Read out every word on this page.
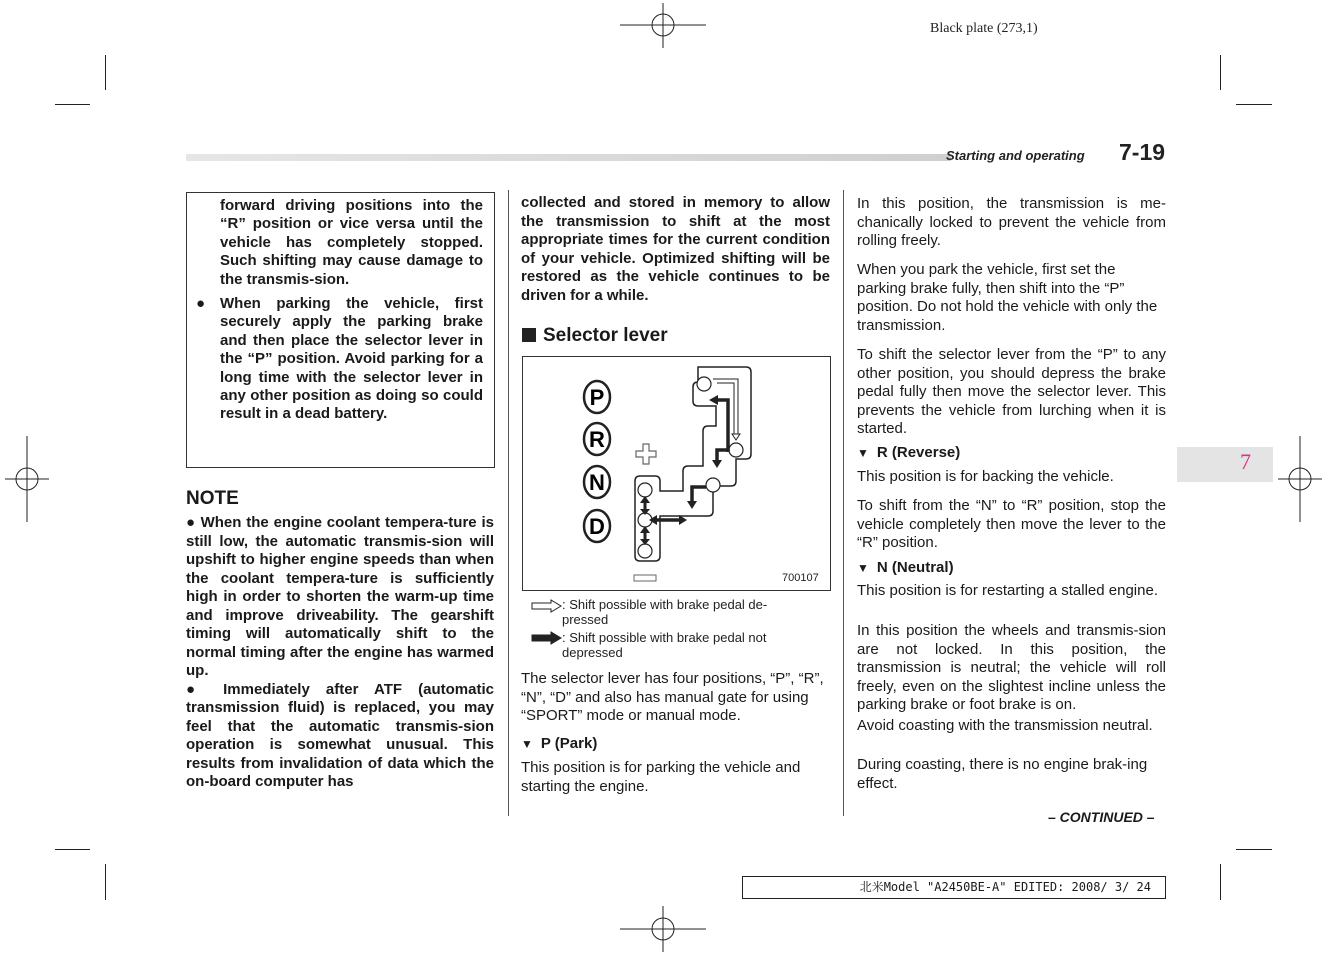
Black plate (273,1)
Starting and operating 7-19
7
forward driving positions into the “R” position or vice versa until the vehicle has completely stopped. Such shifting may cause damage to the transmis-sion.
● When parking the vehicle, first securely apply the parking brake and then place the selector lever in the “P” position. Avoid parking for a long time with the selector lever in any other position as doing so could result in a dead battery.
NOTE
● When the engine coolant tempera-ture is still low, the automatic transmis-sion will upshift to higher engine speeds than when the coolant tempera-ture is sufficiently high in order to shorten the warm-up time and improve driveability. The gearshift timing will automatically shift to the normal timing after the engine has warmed up.
● Immediately after ATF (automatic transmission fluid) is replaced, you may feel that the automatic transmis-sion operation is somewhat unusual. This results from invalidation of data which the on-board computer has
collected and stored in memory to allow the transmission to shift at the most appropriate times for the current condition of your vehicle. Optimized shifting will be restored as the vehicle continues to be driven for a while.
Selector lever
P
R
N
D
700107
: Shift possible with brake pedal de-pressed
: Shift possible with brake pedal not depressed
The selector lever has four positions, “P”, “R”, “N”, “D” and also has manual gate for using “SPORT” mode or manual mode.
▼ P (Park)
This position is for parking the vehicle and starting the engine.
In this position, the transmission is me-chanically locked to prevent the vehicle from rolling freely.
When you park the vehicle, first set the parking brake fully, then shift into the “P” position. Do not hold the vehicle with only the transmission.
To shift the selector lever from the “P” to any other position, you should depress the brake pedal fully then move the selector lever. This prevents the vehicle from lurching when it is started.
▼ R (Reverse)
This position is for backing the vehicle.
To shift from the “N” to “R” position, stop the vehicle completely then move the lever to the “R” position.
▼ N (Neutral)
This position is for restarting a stalled engine.
In this position the wheels and transmis-sion are not locked. In this position, the transmission is neutral; the vehicle will roll freely, even on the slightest incline unless the parking brake or foot brake is on.
Avoid coasting with the transmission neutral.
During coasting, there is no engine brak-ing effect.
– CONTINUED –
北米Model "A2450BE-A" EDITED: 2008/ 3/ 24
